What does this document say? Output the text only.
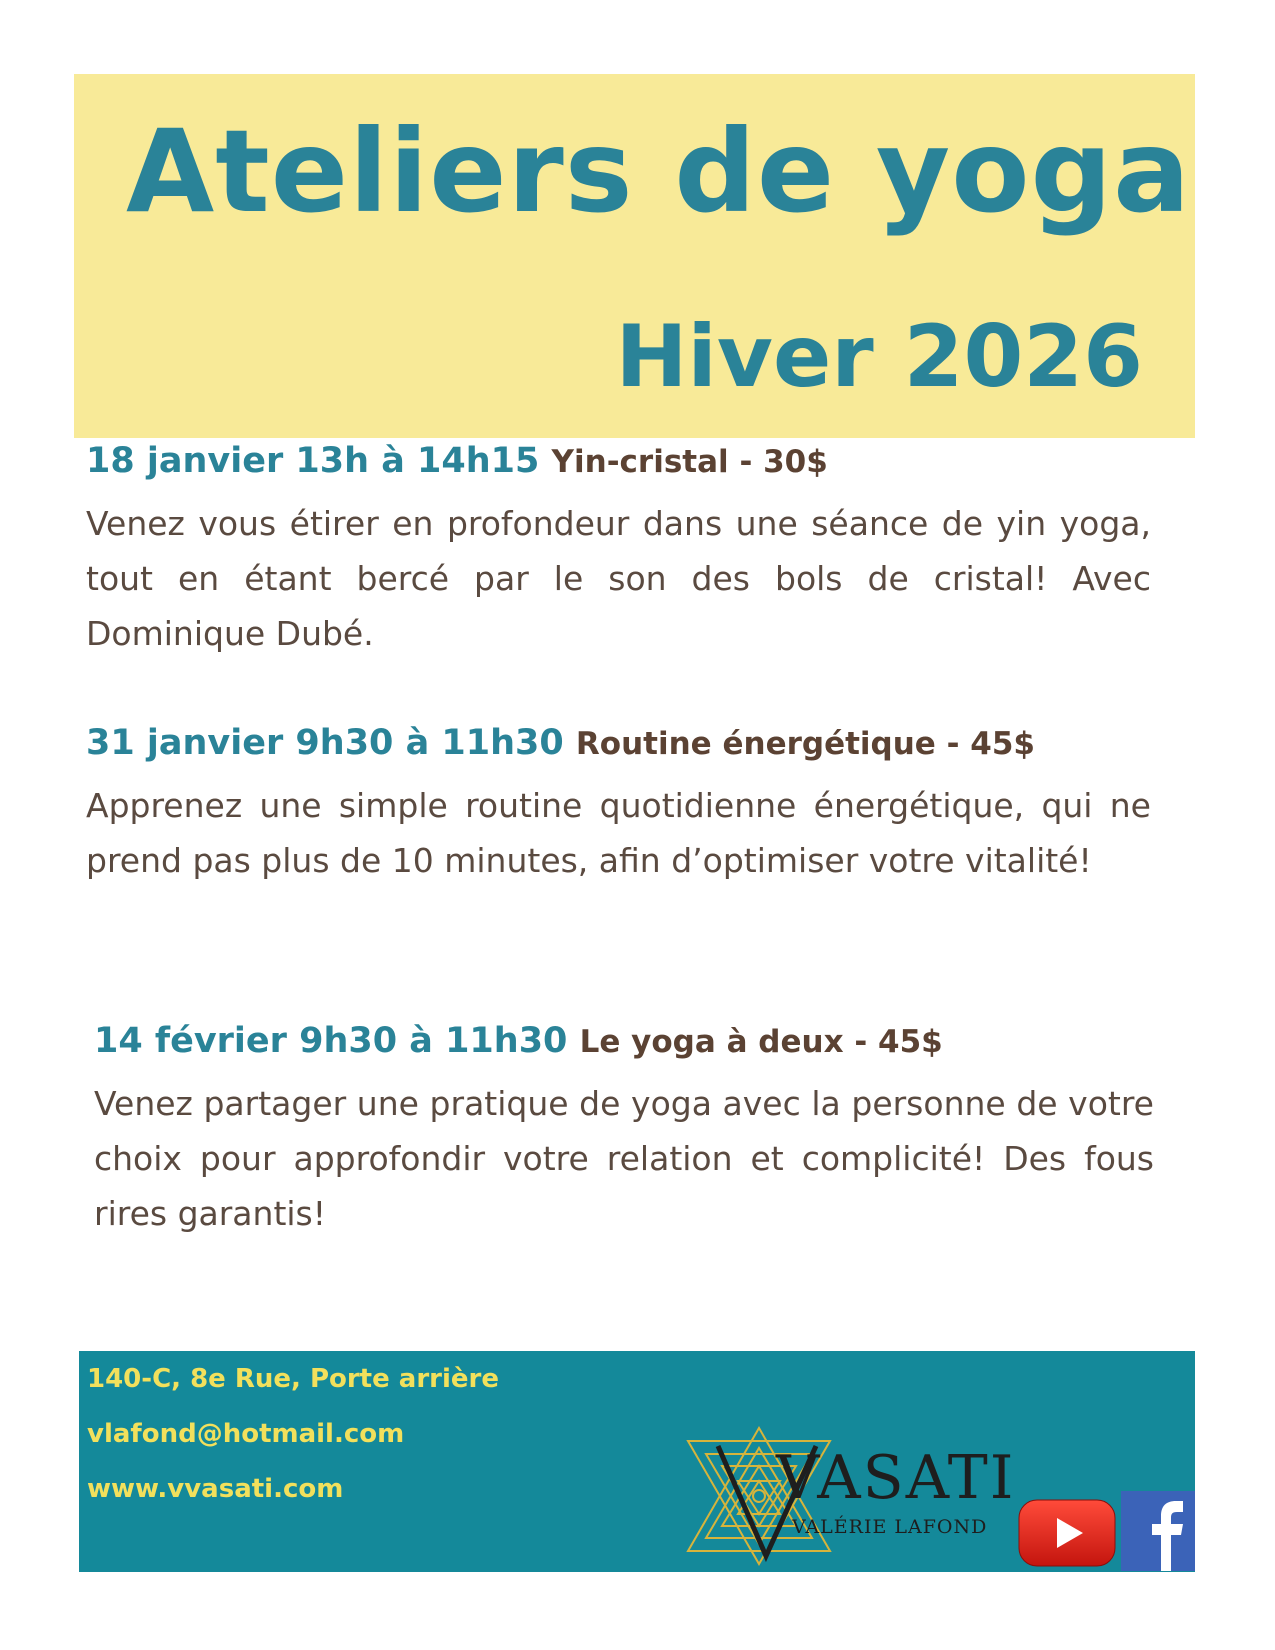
Ateliers de yoga
Hiver 2026
18 janvier 13h à 14h15 Yin-cristal - 30$
Venez vous étirer en profondeur dans une séance de yin yoga, tout en étant bercé par le son des bols de cristal! Avec Dominique Dubé.
31 janvier 9h30 à 11h30 Routine énergétique - 45$
Apprenez une simple routine quotidienne énergétique, qui ne prend pas plus de 10 minutes, afin d’optimiser votre vitalité!
14 février 9h30 à 11h30 Le yoga à deux - 45$
Venez partager une pratique de yoga avec la personne de votre choix pour approfondir votre relation et complicité! Des fous rires garantis!
140-C, 8e Rue, Porte arrière
vlafond@hotmail.com
www.vvasati.com	VASATI
VALÉRIE LAFOND
